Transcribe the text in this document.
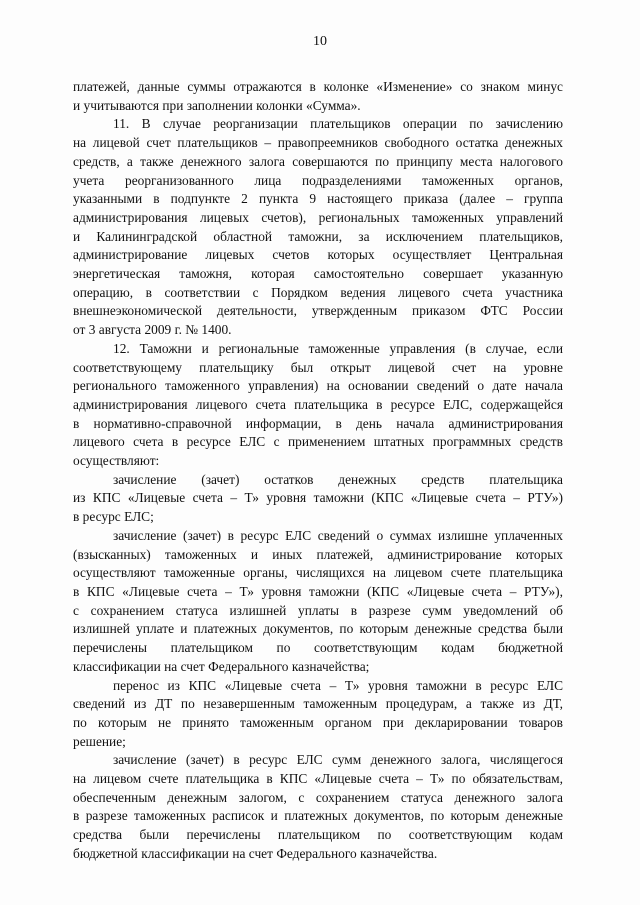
10
платежей, данные суммы отражаются в колонке «Изменение» со знаком минус
и учитываются при заполнении колонки «Сумма».
11. В случае реорганизации плательщиков операции по зачислению
на лицевой счет плательщиков – правопреемников свободного остатка денежных
средств, а также денежного залога совершаются по принципу места налогового
учета реорганизованного лица подразделениями таможенных органов,
указанными в подпункте 2 пункта 9 настоящего приказа (далее – группа
администрирования лицевых счетов), региональных таможенных управлений
и Калининградской областной таможни, за исключением плательщиков,
администрирование лицевых счетов которых осуществляет Центральная
энергетическая таможня, которая самостоятельно совершает указанную
операцию, в соответствии с Порядком ведения лицевого счета участника
внешнеэкономической деятельности, утвержденным приказом ФТС России
от 3 августа 2009 г. № 1400.
12. Таможни и региональные таможенные управления (в случае, если
соответствующему плательщику был открыт лицевой счет на уровне
регионального таможенного управления) на основании сведений о дате начала
администрирования лицевого счета плательщика в ресурсе ЕЛС, содержащейся
в нормативно-справочной информации, в день начала администрирования
лицевого счета в ресурсе ЕЛС с применением штатных программных средств
осуществляют:
зачисление (зачет) остатков денежных средств плательщика
из КПС «Лицевые счета – Т» уровня таможни (КПС «Лицевые счета – РТУ»)
в ресурс ЕЛС;
зачисление (зачет) в ресурс ЕЛС сведений о суммах излишне уплаченных
(взысканных) таможенных и иных платежей, администрирование которых
осуществляют таможенные органы, числящихся на лицевом счете плательщика
в КПС «Лицевые счета – Т» уровня таможни (КПС «Лицевые счета – РТУ»),
с сохранением статуса излишней уплаты в разрезе сумм уведомлений об
излишней уплате и платежных документов, по которым денежные средства были
перечислены плательщиком по соответствующим кодам бюджетной
классификации на счет Федерального казначейства;
перенос из КПС «Лицевые счета – Т» уровня таможни в ресурс ЕЛС
сведений из ДТ по незавершенным таможенным процедурам, а также из ДТ,
по которым не принято таможенным органом при декларировании товаров
решение;
зачисление (зачет) в ресурс ЕЛС сумм денежного залога, числящегося
на лицевом счете плательщика в КПС «Лицевые счета – Т» по обязательствам,
обеспеченным денежным залогом, с сохранением статуса денежного залога
в разрезе таможенных расписок и платежных документов, по которым денежные
средства были перечислены плательщиком по соответствующим кодам
бюджетной классификации на счет Федерального казначейства.
